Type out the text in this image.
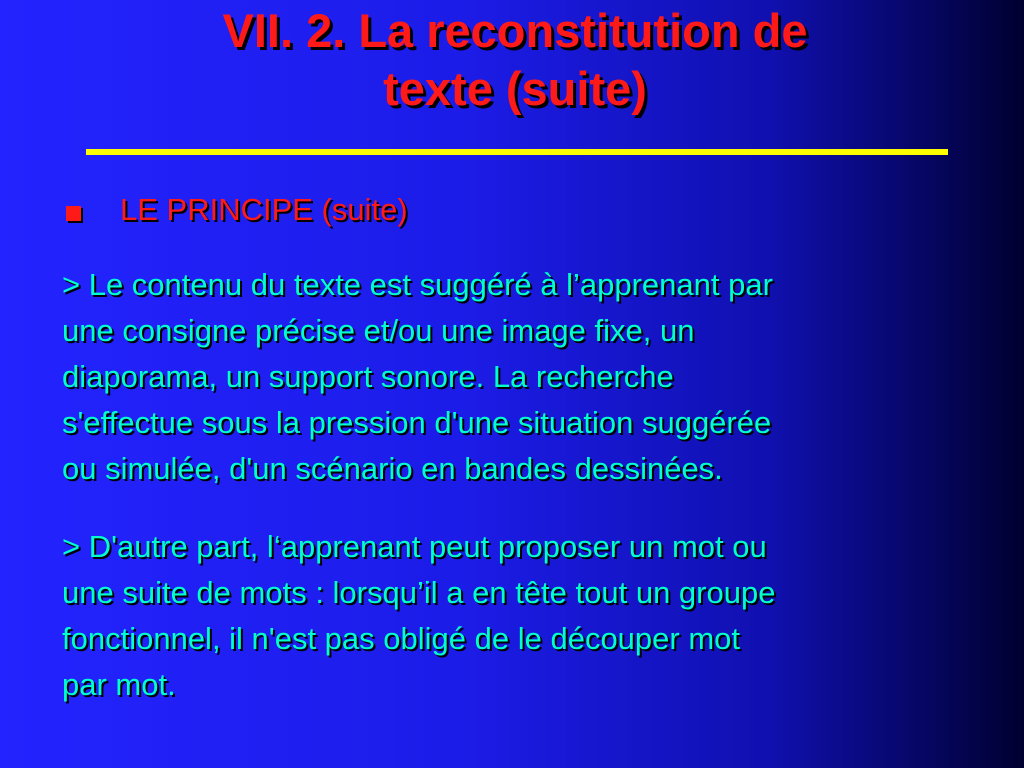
VII. 2. La reconstitution de
texte (suite)
LE PRINCIPE (suite)
> Le contenu du texte est suggéré à l’apprenant par
une consigne précise et/ou une image fixe, un
diaporama, un support sonore. La recherche
s'effectue sous la pression d'une situation suggérée
ou simulée, d'un scénario en bandes dessinées.
> D'autre part, l‘apprenant peut proposer un mot ou
une suite de mots : lorsqu’il a en tête tout un groupe
fonctionnel, il n'est pas obligé de le découper mot
par mot.
